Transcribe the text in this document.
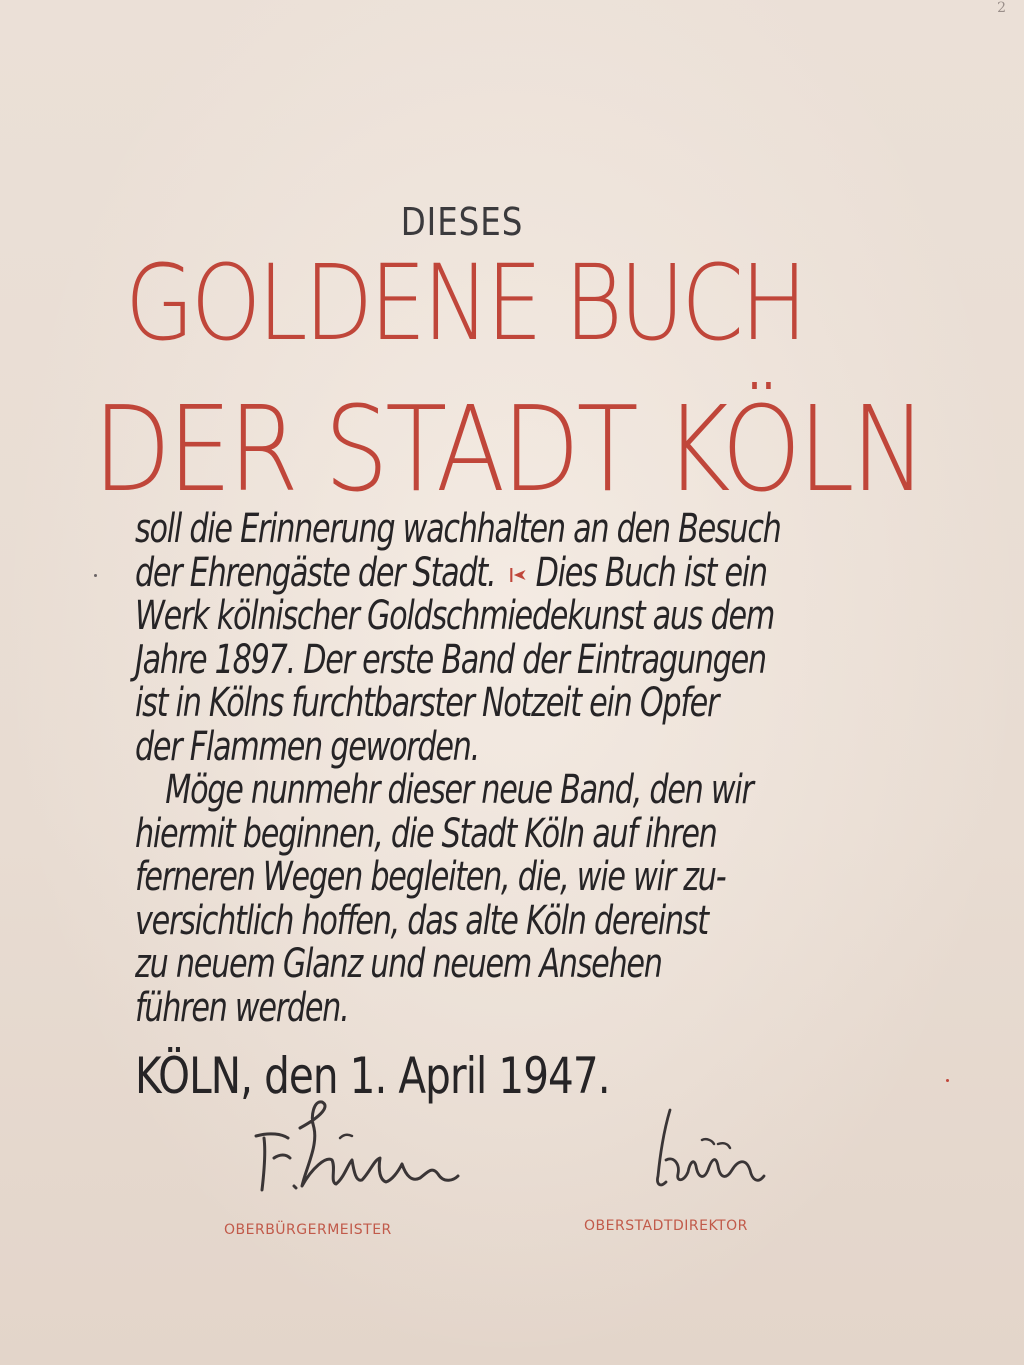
2
DIESES
GOLDENE BUCH
DER STADT KÖLN
soll die Erinnerung wachhalten an den Besuch
der Ehrengäste der Stadt. Dies Buch ist ein
Werk kölnischer Goldschmiedekunst aus dem
Jahre 1897. Der erste Band der Eintragungen
ist in Kölns furchtbarster Notzeit ein Opfer
der Flammen geworden.
Möge nunmehr dieser neue Band, den wir
hiermit beginnen, die Stadt Köln auf ihren
ferneren Wegen begleiten, die, wie wir zu-
versichtlich hoffen, das alte Köln dereinst
zu neuem Glanz und neuem Ansehen
führen werden.
KÖLN, den 1. April 1947.
OBERBÜRGERMEISTER	OBERSTADTDIREKTOR
